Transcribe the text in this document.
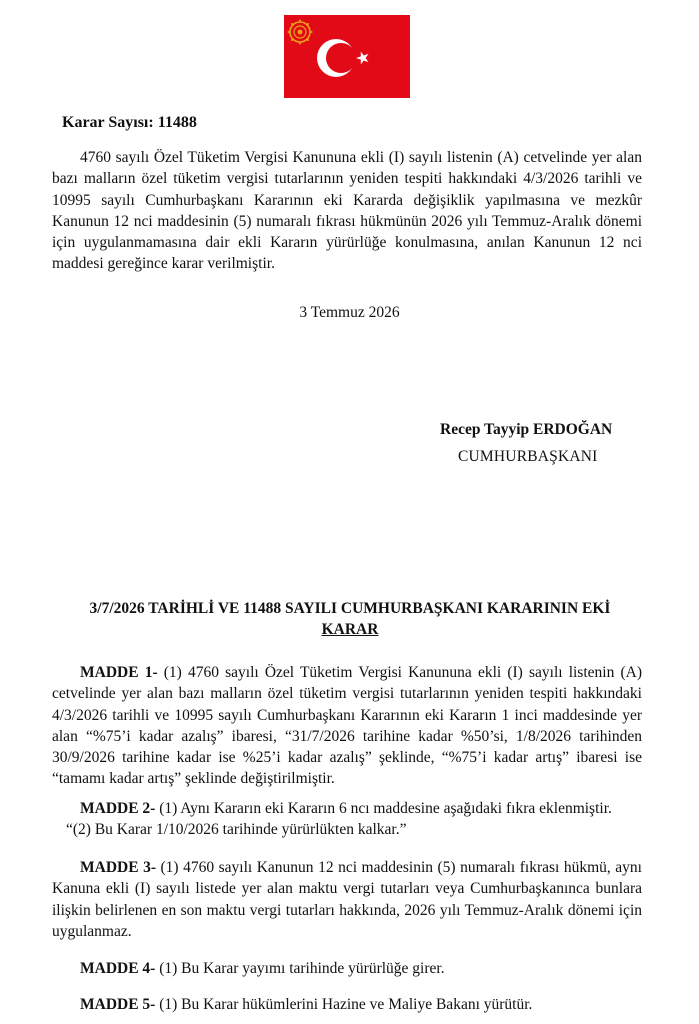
Karar Sayısı: 11488

4760 sayılı Özel Tüketim Vergisi Kanununa ekli (I) sayılı listenin (A) cetvelinde yer alan bazı malların özel tüketim vergisi tutarlarının yeniden tespiti hakkındaki 4/3/2026 tarihli ve 10995 sayılı Cumhurbaşkanı Kararının eki Kararda değişiklik yapılmasına ve mezkûr Kanunun 12 nci maddesinin (5) numaralı fıkrası hükmünün 2026 yılı Temmuz-Aralık dönemi için uygulanmamasına dair ekli Kararın yürürlüğe konulmasına, anılan Kanunun 12 nci maddesi gereğince karar verilmiştir.

3 Temmuz 2026
Recep Tayyip ERDOĞAN
CUMHURBAŞKANI
3/7/2026 TARİHLİ VE 11488 SAYILI CUMHURBAŞKANI KARARININ EKİ
KARAR

MADDE 1- (1) 4760 sayılı Özel Tüketim Vergisi Kanununa ekli (I) sayılı listenin (A) cetvelinde yer alan bazı malların özel tüketim vergisi tutarlarının yeniden tespiti hakkındaki 4/3/2026 tarihli ve 10995 sayılı Cumhurbaşkanı Kararının eki Kararın 1 inci maddesinde yer alan “%75’i kadar azalış” ibaresi, “31/7/2026 tarihine kadar %50’si, 1/8/2026 tarihinden 30/9/2026 tarihine kadar ise %25’i kadar azalış” şeklinde, “%75’i kadar artış” ibaresi ise “tamamı kadar artış” şeklinde değiştirilmiştir.

MADDE 2- (1) Aynı Kararın eki Kararın 6 ncı maddesine aşağıdaki fıkra eklenmiştir.
“(2) Bu Karar 1/10/2026 tarihinde yürürlükten kalkar.”

MADDE 3- (1) 4760 sayılı Kanunun 12 nci maddesinin (5) numaralı fıkrası hükmü, aynı Kanuna ekli (I) sayılı listede yer alan maktu vergi tutarları veya Cumhurbaşkanınca bunlara ilişkin belirlenen en son maktu vergi tutarları hakkında, 2026 yılı Temmuz-Aralık dönemi için uygulanmaz.

MADDE 4- (1) Bu Karar yayımı tarihinde yürürlüğe girer.

MADDE 5- (1) Bu Karar hükümlerini Hazine ve Maliye Bakanı yürütür.
